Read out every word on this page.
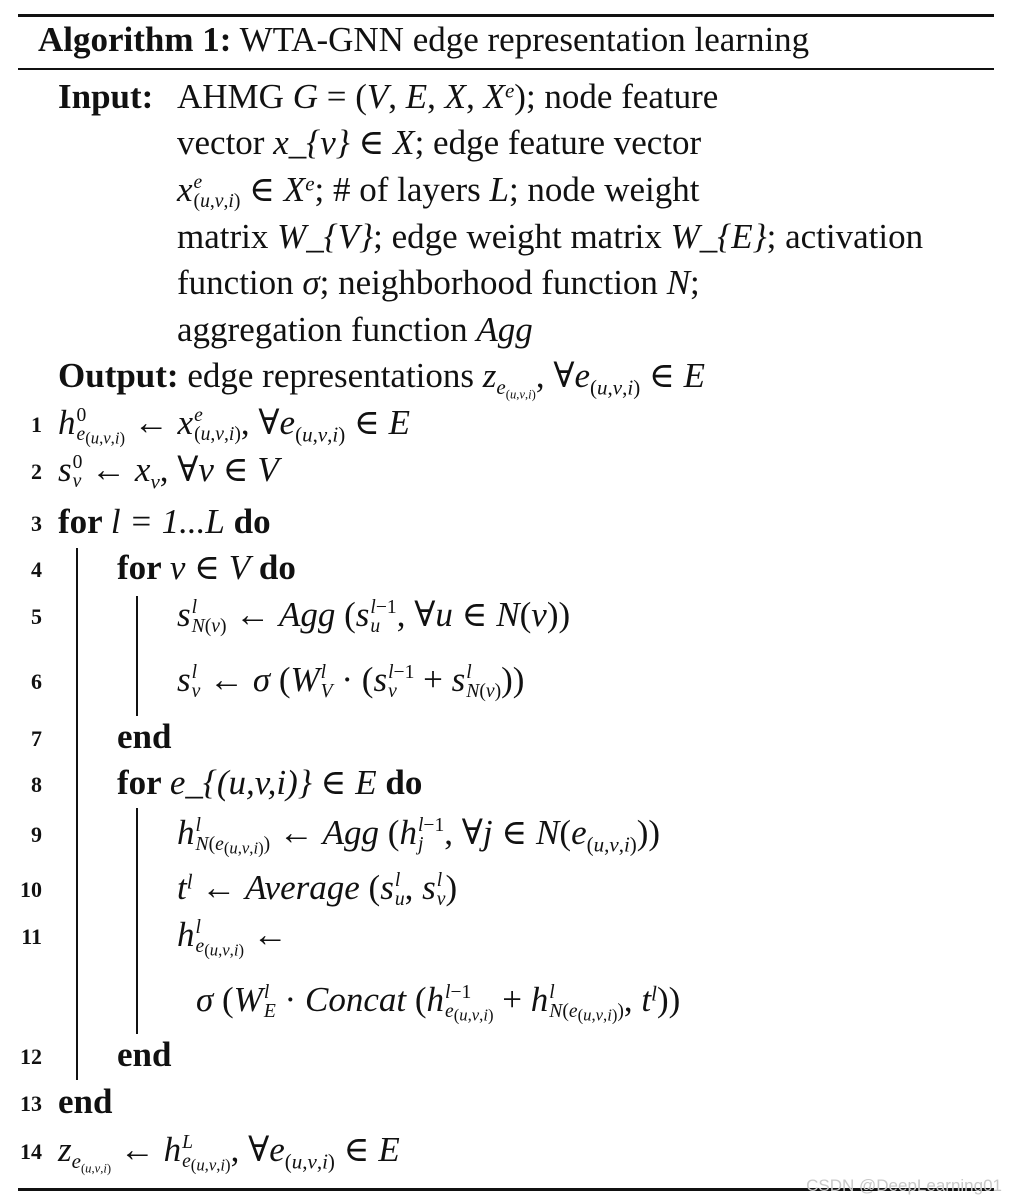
Algorithm 1: WTA-GNN edge representation learning
Input: AHMG G = (V, E, X, Xe); node feature
vector x_{v} ∈ X; edge feature vector
x e
(u,v,i) ∈ Xe; # of layers L; node weight
matrix W_{V}; edge weight matrix W_{E}; activation
function σ; neighborhood function N;
aggregation function Agg
Output: edge representations $z_{e_{(u,v,i)}}$, $\forall e_{(u,v,i)}$ ∈ E
1 h 0
e(u,v,i) ← x e
(u,v,i) , $\forall e_{(u,v,i)}$ ∈ E
2 s 0
v ← $x_v$, ∀v ∈ V
3 for l = 1...L do
4 for v ∈ V do
5	s l
N(v) ← Agg (s l−1
u , ∀u ∈ N(v))
6	s l
v ← σ (W l
V · (s l−1
v + s l
N(v) ))
7 end
8 for e_{(u,v,i)} ∈ E do
9	h l
N(e(u,v,i)) ← Agg (h l−1
j , ∀j ∈ $N(e_{(u,v,i)})$)
10	$t^l$ ← Average (s l
u , s l
v )
11	h l
e(u,v,i) ←
σ (W l
E · Concat (h l−1
e(u,v,i) + h l
N(e(u,v,i)) , $t^l$))
12 end
13 end
14 $z_{e_{(u,v,i)}}$ ← h L
e(u,v,i) , $\forall e_{(u,v,i)}$ ∈ E
CSDN @DeepLearning01
